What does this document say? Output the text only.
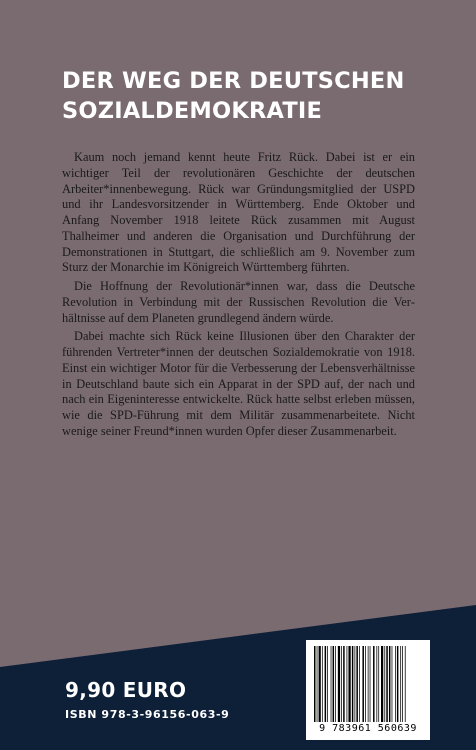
DER WEG DER DEUTSCHEN
SOZIALDEMOKRATIE

Kaum noch jemand kennt heute Fritz Rück. Dabei ist er ein wichtiger Teil der revolutionären Geschichte der deutschen Arbeiter*innenbewegung. Rück war Gründungsmitglied der USPD und ihr Landesvorsitzender in Württemberg. Ende Oktober und Anfang November 1918 leitete Rück zusammen mit August Thalheimer und anderen die Organisation und Durchführung der Demonstrationen in Stuttgart, die schließlich am 9. November zum Sturz der Monarchie im Königreich Württemberg führten.

Die Hoffnung der Revolutionär*innen war, dass die Deutsche Revolution in Verbindung mit der Russischen Revolution die Verhältnisse auf dem Planeten grundlegend ändern würde.

Dabei machte sich Rück keine Illusionen über den Charakter der führenden Vertreter*innen der deutschen Sozialdemokratie von 1918. Einst ein wichtiger Motor für die Verbesserung der Lebensverhältnisse in Deutschland baute sich ein Apparat in der SPD auf, der nach und nach ein Eigeninteresse entwickelte. Rück hatte selbst erleben müssen, wie die SPD-Führung mit dem Militär zusammenarbeitete. Nicht wenige seiner Freund*innen wurden Opfer dieser Zusammenarbeit.

9,90 EURO
ISBN 978-3-96156-063-9
9 783961 560639
